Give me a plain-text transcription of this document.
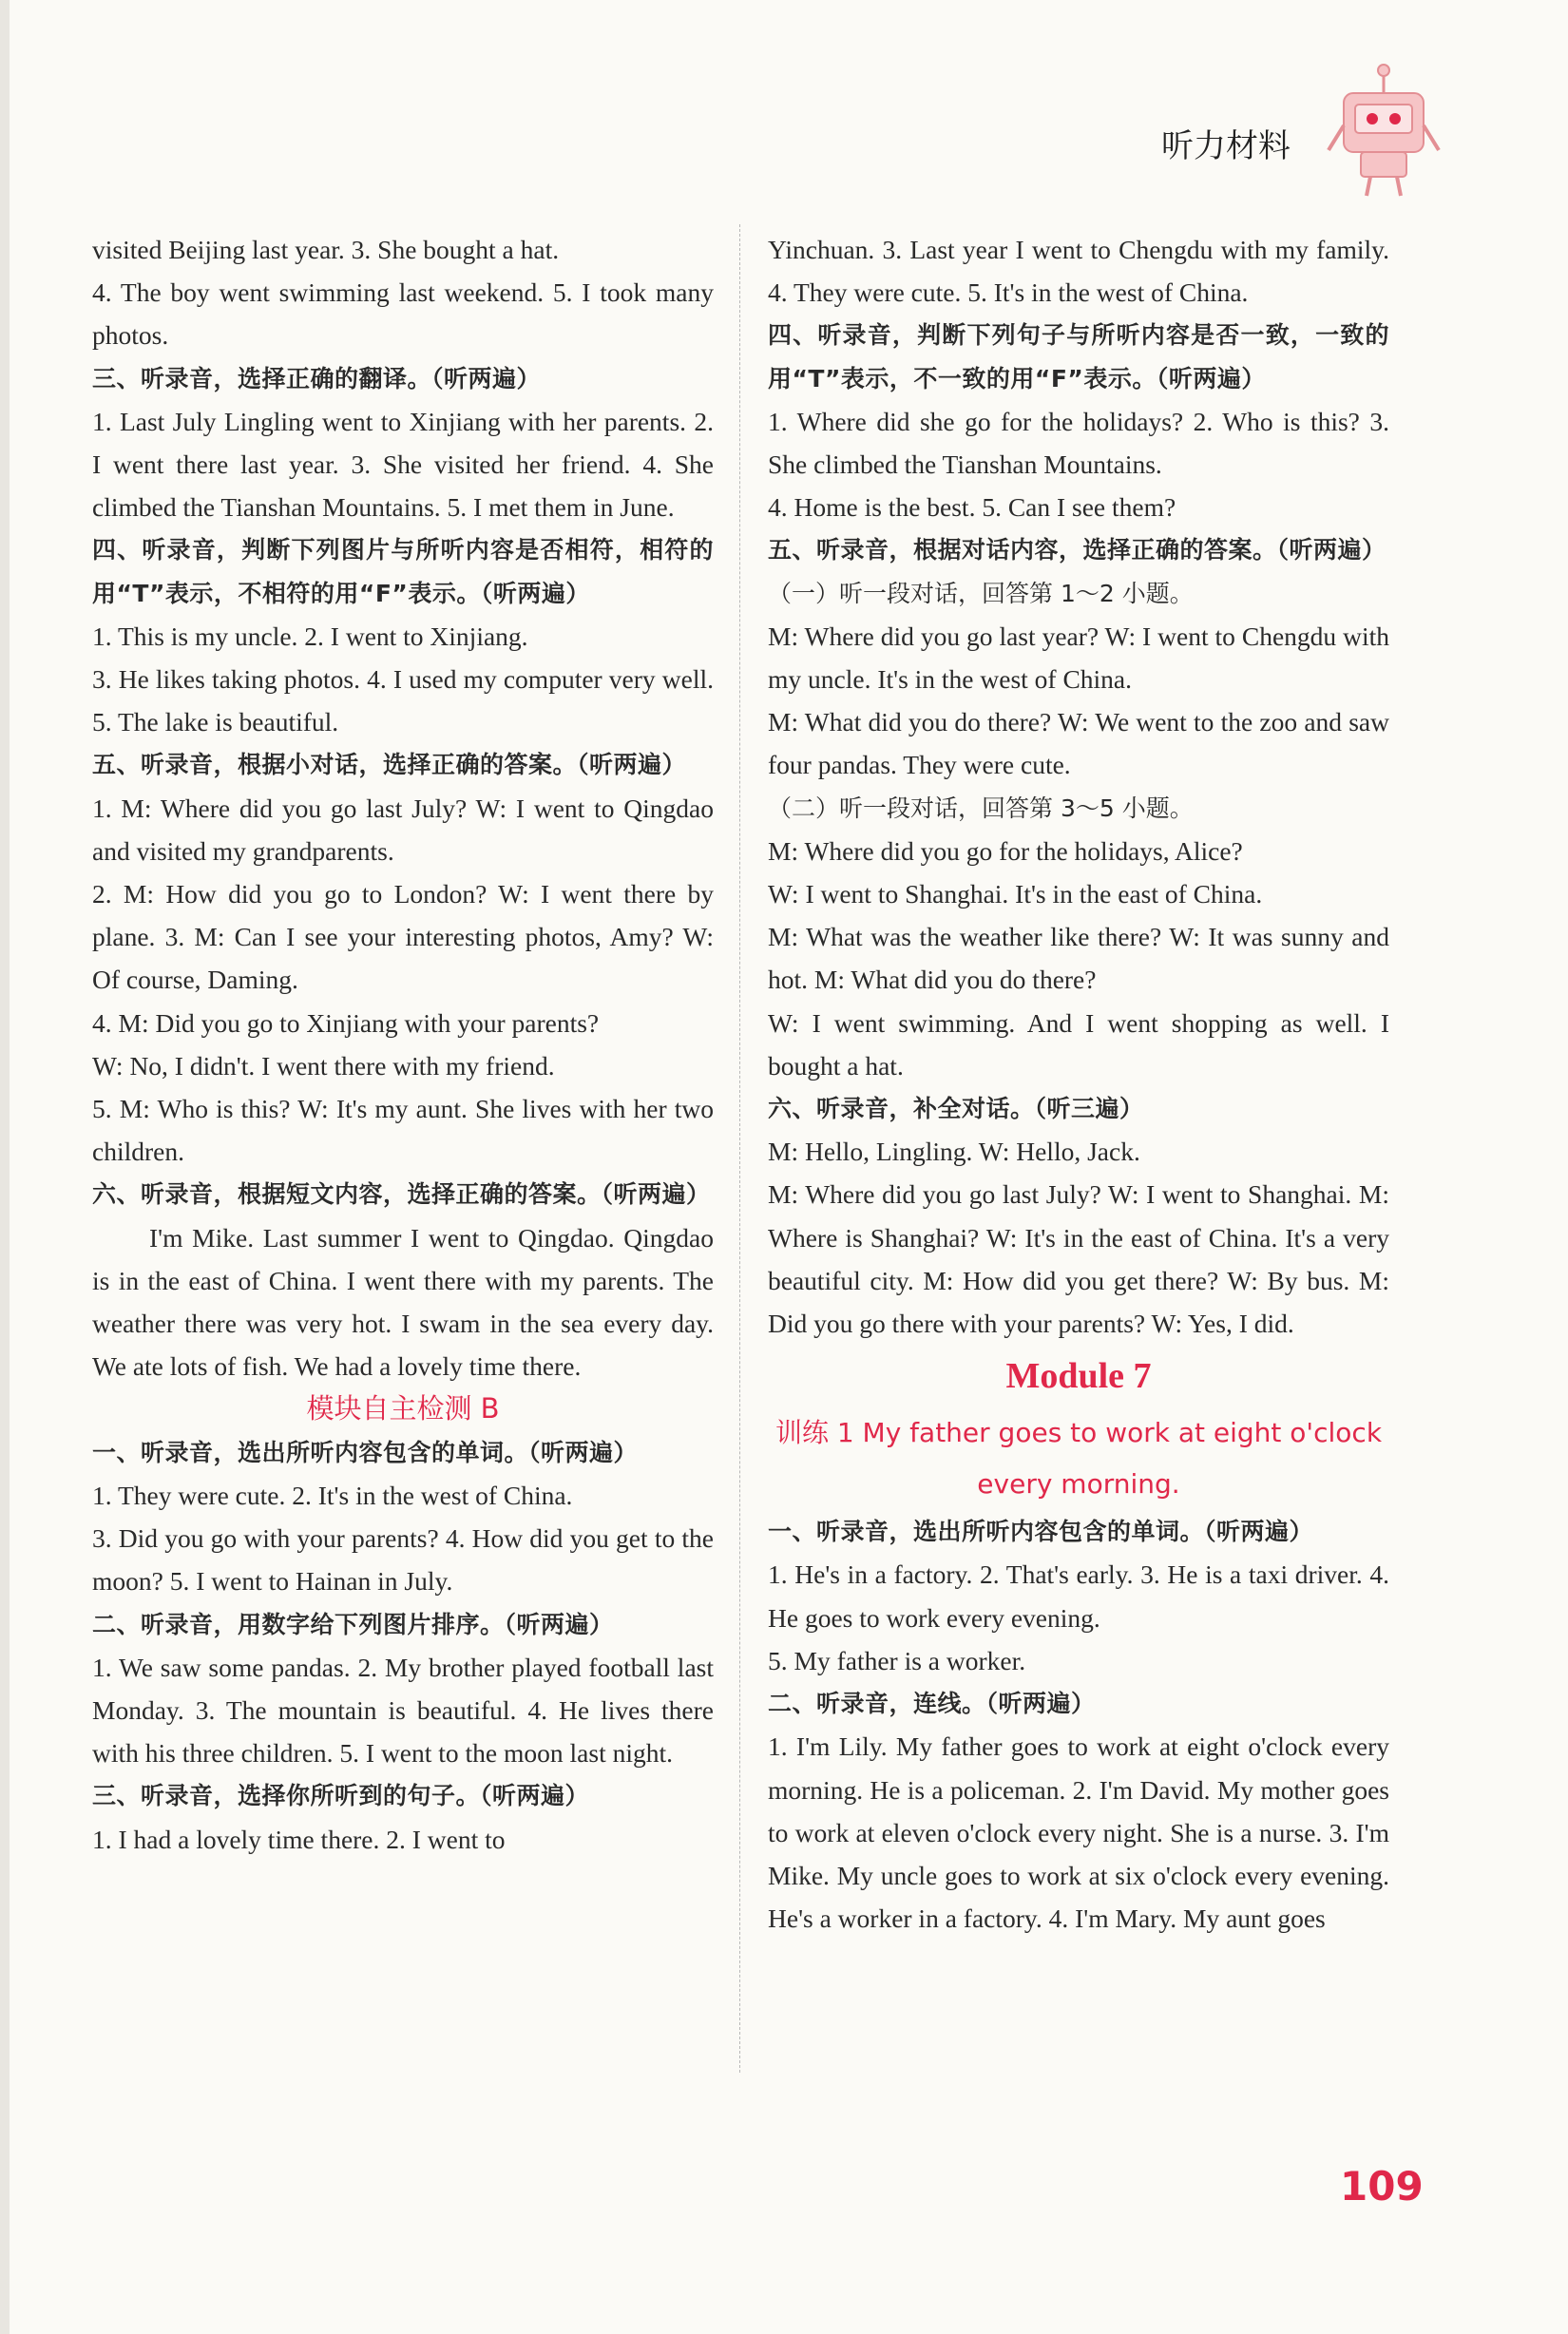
听力材料
visited Beijing last year. 3. She bought a hat.
4. The boy went swimming last weekend. 5. I took many photos.
三、听录音，选择正确的翻译。（听两遍）
1. Last July Lingling went to Xinjiang with her parents. 2. I went there last year. 3. She visited her friend. 4. She climbed the Tianshan Mountains. 5. I met them in June.
四、听录音，判断下列图片与所听内容是否相符，相符的用“T”表示，不相符的用“F”表示。（听两遍）
1. This is my uncle. 2. I went to Xinjiang.
3. He likes taking photos. 4. I used my computer very well. 5. The lake is beautiful.
五、听录音，根据小对话，选择正确的答案。（听两遍）
1. M: Where did you go last July? W: I went to Qingdao and visited my grandparents.
2. M: How did you go to London? W: I went there by plane. 3. M: Can I see your interesting photos, Amy? W: Of course, Daming.
4. M: Did you go to Xinjiang with your parents?
W: No, I didn't. I went there with my friend.
5. M: Who is this? W: It's my aunt. She lives with her two children.
六、听录音，根据短文内容，选择正确的答案。（听两遍）
I'm Mike. Last summer I went to Qingdao. Qingdao is in the east of China. I went there with my parents. The weather there was very hot. I swam in the sea every day. We ate lots of fish. We had a lovely time there.
模块自主检测 B
一、听录音，选出所听内容包含的单词。（听两遍）
1. They were cute. 2. It's in the west of China.
3. Did you go with your parents? 4. How did you get to the moon? 5. I went to Hainan in July.
二、听录音，用数字给下列图片排序。（听两遍）
1. We saw some pandas. 2. My brother played football last Monday. 3. The mountain is beautiful. 4. He lives there with his three children. 5. I went to the moon last night.
三、听录音，选择你所听到的句子。（听两遍）
1. I had a lovely time there. 2. I went to
Yinchuan. 3. Last year I went to Chengdu with my family. 4. They were cute. 5. It's in the west of China.
四、听录音，判断下列句子与所听内容是否一致，一致的用“T”表示，不一致的用“F”表示。（听两遍）
1. Where did she go for the holidays? 2. Who is this? 3. She climbed the Tianshan Mountains.
4. Home is the best. 5. Can I see them?
五、听录音，根据对话内容，选择正确的答案。（听两遍）
（一）听一段对话，回答第 1～2 小题。
M: Where did you go last year? W: I went to Chengdu with my uncle. It's in the west of China.
M: What did you do there? W: We went to the zoo and saw four pandas. They were cute.
（二）听一段对话，回答第 3～5 小题。
M: Where did you go for the holidays, Alice?
W: I went to Shanghai. It's in the east of China.
M: What was the weather like there? W: It was sunny and hot. M: What did you do there?
W: I went swimming. And I went shopping as well. I bought a hat.
六、听录音，补全对话。（听三遍）
M: Hello, Lingling. W: Hello, Jack.
M: Where did you go last July? W: I went to Shanghai. M: Where is Shanghai? W: It's in the east of China. It's a very beautiful city. M: How did you get there? W: By bus. M: Did you go there with your parents? W: Yes, I did.
Module 7
训练 1 My father goes to work at eight o'clock every morning.
一、听录音，选出所听内容包含的单词。（听两遍）
1. He's in a factory. 2. That's early. 3. He is a taxi driver. 4. He goes to work every evening.
5. My father is a worker.
二、听录音，连线。（听两遍）
1. I'm Lily. My father goes to work at eight o'clock every morning. He is a policeman. 2. I'm David. My mother goes to work at eleven o'clock every night. She is a nurse. 3. I'm Mike. My uncle goes to work at six o'clock every evening. He's a worker in a factory. 4. I'm Mary. My aunt goes
109
